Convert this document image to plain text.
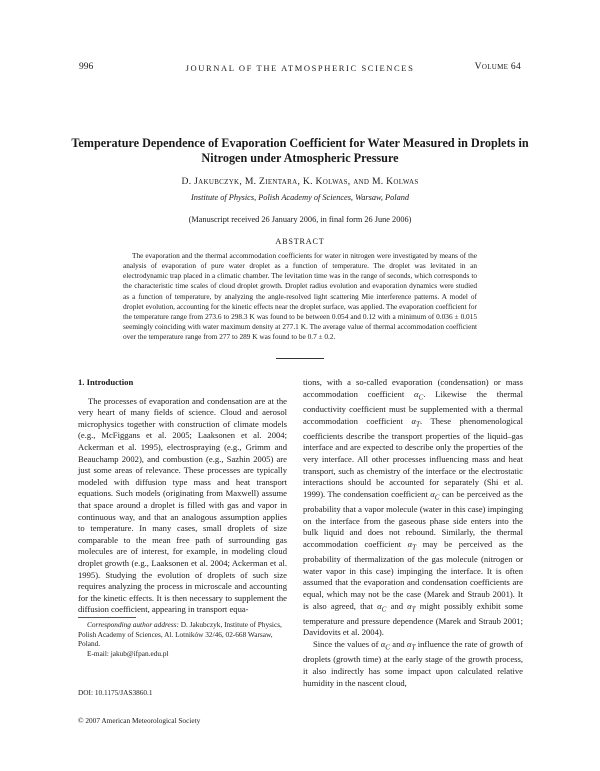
996	JOURNAL OF THE ATMOSPHERIC SCIENCES	Volume 64
Temperature Dependence of Evaporation Coefficient for Water Measured in Droplets in Nitrogen under Atmospheric Pressure
D. Jakubczyk, M. Zientara, K. Kolwas, and M. Kolwas
Institute of Physics, Polish Academy of Sciences, Warsaw, Poland
(Manuscript received 26 January 2006, in final form 26 June 2006)
ABSTRACT

The evaporation and the thermal accommodation coefficients for water in nitrogen were investigated by means of the analysis of evaporation of pure water droplet as a function of temperature. The droplet was levitated in an electrodynamic trap placed in a climatic chamber. The levitation time was in the range of seconds, which corresponds to the characteristic time scales of cloud droplet growth. Droplet radius evolution and evaporation dynamics were studied as a function of temperature, by analyzing the angle-resolved light scattering Mie interference patterns. A model of droplet evolution, accounting for the kinetic effects near the droplet surface, was applied. The evaporation coefficient for the temperature range from 273.6 to 298.3 K was found to be between 0.054 and 0.12 with a minimum of 0.036 ± 0.015 seemingly coinciding with water maximum density at 277.1 K. The average value of thermal accommodation coefficient over the temperature range from 277 to 289 K was found to be 0.7 ± 0.2.

1. Introduction

The processes of evaporation and condensation are at the very heart of many fields of science. Cloud and aerosol microphysics together with construction of climate models (e.g., McFiggans et al. 2005; Laaksonen et al. 2004; Ackerman et al. 1995), electrospraying (e.g., Grimm and Beauchamp 2002), and combustion (e.g., Sazhin 2005) are just some areas of relevance. These processes are typically modeled with diffusion type mass and heat transport equations. Such models (originating from Maxwell) assume that space around a droplet is filled with gas and vapor in continuous way, and that an analogous assumption applies to temperature. In many cases, small droplets of size comparable to the mean free path of surrounding gas molecules are of interest, for example, in modeling cloud droplet growth (e.g., Laaksonen et al. 2004; Ackerman et al. 1995). Studying the evolution of droplets of such size requires analyzing the process in microscale and accounting for the kinetic effects. It is then necessary to supplement the diffusion coefficient, appearing in transport equa-

tions, with a so-called evaporation (condensation) or mass accommodation coefficient $\alpha_C$. Likewise the thermal conductivity coefficient must be supplemented with a thermal accommodation coefficient $\alpha_T$. These phenomenological coefficients describe the transport properties of the liquid–gas interface and are expected to describe only the properties of the very interface. All other processes influencing mass and heat transport, such as chemistry of the interface or the electrostatic interactions should be accounted for separately (Shi et al. 1999). The condensation coefficient $\alpha_C$ can be perceived as the probability that a vapor molecule (water in this case) impinging on the interface from the gaseous phase side enters into the bulk liquid and does not rebound. Similarly, the thermal accommodation coefficient $\alpha_T$ may be perceived as the probability of thermalization of the gas molecule (nitrogen or water vapor in this case) impinging the interface. It is often assumed that the evaporation and condensation coefficients are equal, which may not be the case (Marek and Straub 2001). It is also agreed, that $\alpha_C$ and $\alpha_T$ might possibly exhibit some temperature and pressure dependence (Marek and Straub 2001; Davidovits et al. 2004).

Since the values of $\alpha_C$ and $\alpha_T$ influence the rate of growth of droplets (growth time) at the early stage of the growth process, it also indirectly has some impact upon calculated relative humidity in the nascent cloud,

Corresponding author address: D. Jakubczyk, Institute of Physics, Polish Academy of Sciences, Al. Lotników 32/46, 02-668 Warsaw, Poland.

E-mail: jakub@ifpan.edu.pl

DOI: 10.1175/JAS3860.1
© 2007 American Meteorological Society
